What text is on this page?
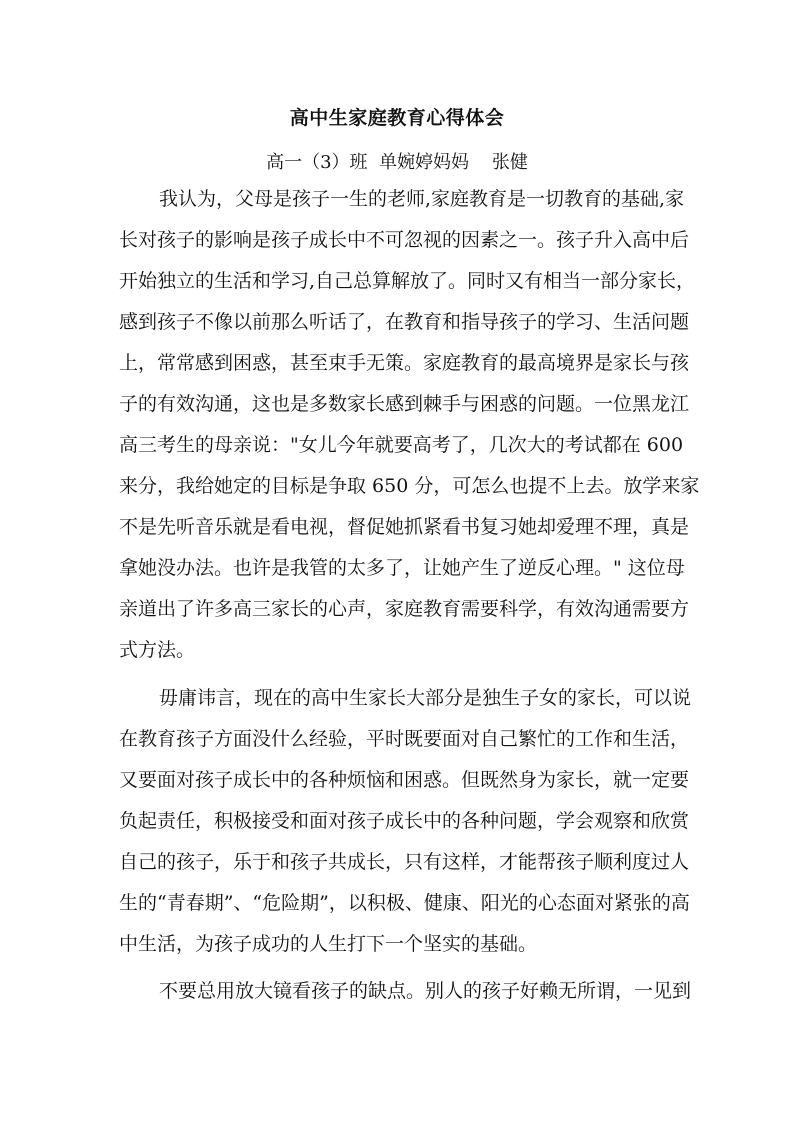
高中生家庭教育心得体会
高一（3）班  单婉婷妈妈    张健
我认为，父母是孩子一生的老师,家庭教育是一切教育的基础,家
长对孩子的影响是孩子成长中不可忽视的因素之一。孩子升入高中后
开始独立的生活和学习,自己总算解放了。同时又有相当一部分家长，
感到孩子不像以前那么听话了，在教育和指导孩子的学习、生活问题
上，常常感到困惑，甚至束手无策。家庭教育的最高境界是家长与孩
子的有效沟通，这也是多数家长感到棘手与困惑的问题。一位黑龙江
高三考生的母亲说："女儿今年就要高考了，几次大的考试都在 600
来分，我给她定的目标是争取 650 分，可怎么也提不上去。放学来家
不是先听音乐就是看电视，督促她抓紧看书复习她却爱理不理，真是
拿她没办法。也许是我管的太多了，让她产生了逆反心理。" 这位母
亲道出了许多高三家长的心声，家庭教育需要科学，有效沟通需要方
式方法。
毋庸讳言，现在的高中生家长大部分是独生子女的家长，可以说
在教育孩子方面没什么经验，平时既要面对自己繁忙的工作和生活，
又要面对孩子成长中的各种烦恼和困惑。但既然身为家长，就一定要
负起责任，积极接受和面对孩子成长中的各种问题，学会观察和欣赏
自己的孩子，乐于和孩子共成长，只有这样，才能帮孩子顺利度过人
生的“青春期”、“危险期”，以积极、健康、阳光的心态面对紧张的高
中生活，为孩子成功的人生打下一个坚实的基础。
不要总用放大镜看孩子的缺点。别人的孩子好赖无所谓，一见到
